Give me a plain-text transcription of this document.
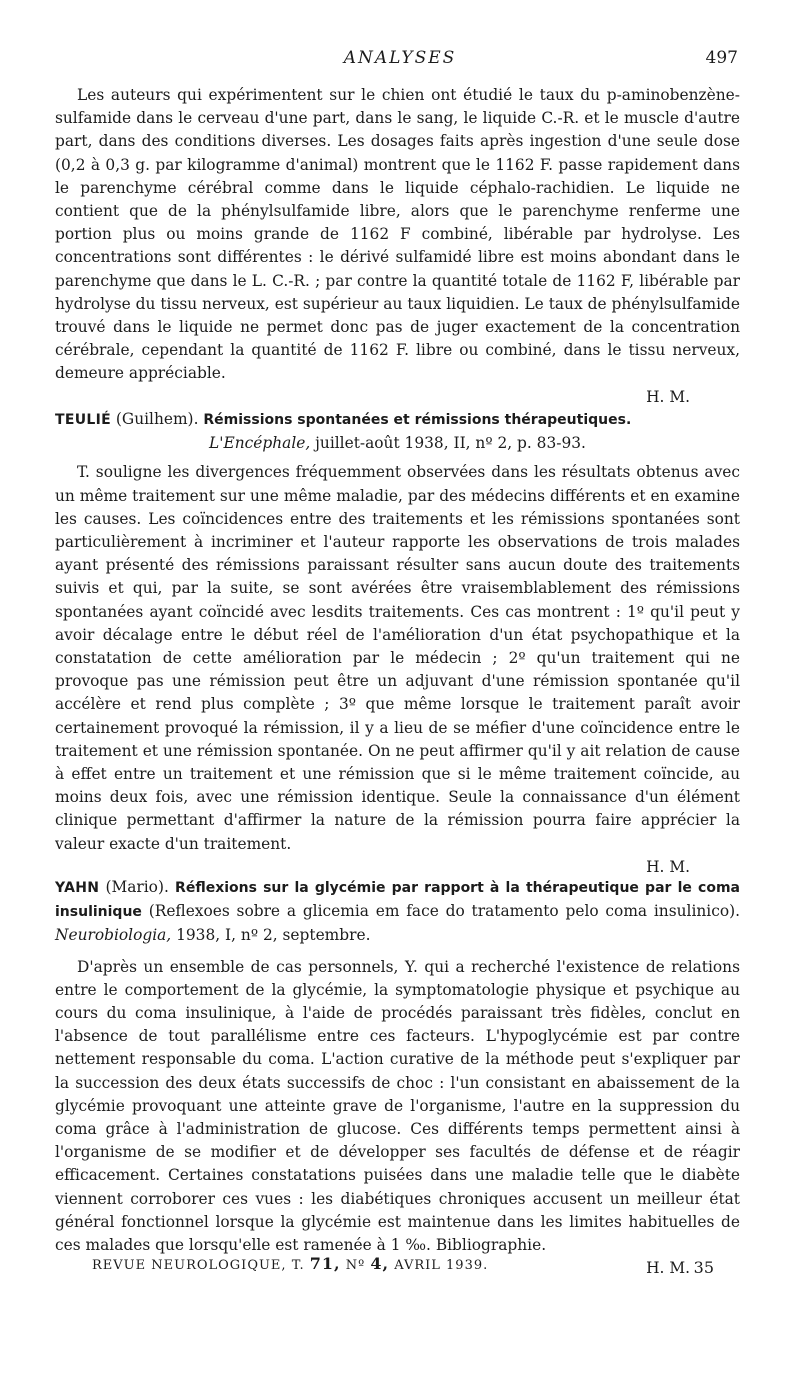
ANALYSES	497

Les auteurs qui expérimentent sur le chien ont étudié le taux du p-aminobenzène-sulfamide dans le cerveau d'une part, dans le sang, le liquide C.-R. et le muscle d'autre part, dans des conditions diverses. Les dosages faits après ingestion d'une seule dose (0,2 à 0,3 g. par kilogramme d'animal) montrent que le 1162 F. passe rapidement dans le parenchyme cérébral comme dans le liquide céphalo-rachidien. Le liquide ne contient que de la phénylsulfamide libre, alors que le parenchyme renferme une portion plus ou moins grande de 1162 F combiné, libérable par hydrolyse. Les concentrations sont différentes : le dérivé sulfamidé libre est moins abondant dans le parenchyme que dans le L. C.-R. ; par contre la quantité totale de 1162 F, libérable par hydrolyse du tissu nerveux, est supérieur au taux liquidien. Le taux de phénylsulfamide trouvé dans le liquide ne permet donc pas de juger exactement de la concentration cérébrale, cependant la quantité de 1162 F. libre ou combiné, dans le tissu nerveux, demeure appréciable.

H. M.

TEULIÉ (Guilhem). Rémissions spontanées et rémissions thérapeutiques.
L'Encéphale, juillet-août 1938, II, nº 2, p. 83-93.

T. souligne les divergences fréquemment observées dans les résultats obtenus avec un même traitement sur une même maladie, par des médecins différents et en examine les causes. Les coïncidences entre des traitements et les rémissions spontanées sont particulièrement à incriminer et l'auteur rapporte les observations de trois malades ayant présenté des rémissions paraissant résulter sans aucun doute des traitements suivis et qui, par la suite, se sont avérées être vraisemblablement des rémissions spontanées ayant coïncidé avec lesdits traitements. Ces cas montrent : 1º qu'il peut y avoir décalage entre le début réel de l'amélioration d'un état psychopathique et la constatation de cette amélioration par le médecin ; 2º qu'un traitement qui ne provoque pas une rémission peut être un adjuvant d'une rémission spontanée qu'il accélère et rend plus complète ; 3º que même lorsque le traitement paraît avoir certainement provoqué la rémission, il y a lieu de se méfier d'une coïncidence entre le traitement et une rémission spontanée. On ne peut affirmer qu'il y ait relation de cause à effet entre un traitement et une rémission que si le même traitement coïncide, au moins deux fois, avec une rémission identique. Seule la connaissance d'un élément clinique permettant d'affirmer la nature de la rémission pourra faire apprécier la valeur exacte d'un traitement.

H. M.

YAHN (Mario). Réflexions sur la glycémie par rapport à la thérapeutique par le coma insulinique (Reflexoes sobre a glicemia em face do tratamento pelo coma insulinico). Neurobiologia, 1938, I, nº 2, septembre.

D'après un ensemble de cas personnels, Y. qui a recherché l'existence de relations entre le comportement de la glycémie, la symptomatologie physique et psychique au cours du coma insulinique, à l'aide de procédés paraissant très fidèles, conclut en l'absence de tout parallélisme entre ces facteurs. L'hypoglycémie est par contre nettement responsable du coma. L'action curative de la méthode peut s'expliquer par la succession des deux états successifs de choc : l'un consistant en abaissement de la glycémie provoquant une atteinte grave de l'organisme, l'autre en la suppression du coma grâce à l'administration de glucose. Ces différents temps permettent ainsi à l'organisme de se modifier et de développer ses facultés de défense et de réagir efficacement. Certaines constatations puisées dans une maladie telle que le diabète viennent corroborer ces vues : les diabétiques chroniques accusent un meilleur état général fonctionnel lorsque la glycémie est maintenue dans les limites habituelles de ces malades que lorsqu'elle est ramenée à 1 ‰. Bibliographie.

H. M.
REVUE NEUROLOGIQUE, T. 71, Nº 4, AVRIL 1939.	35
